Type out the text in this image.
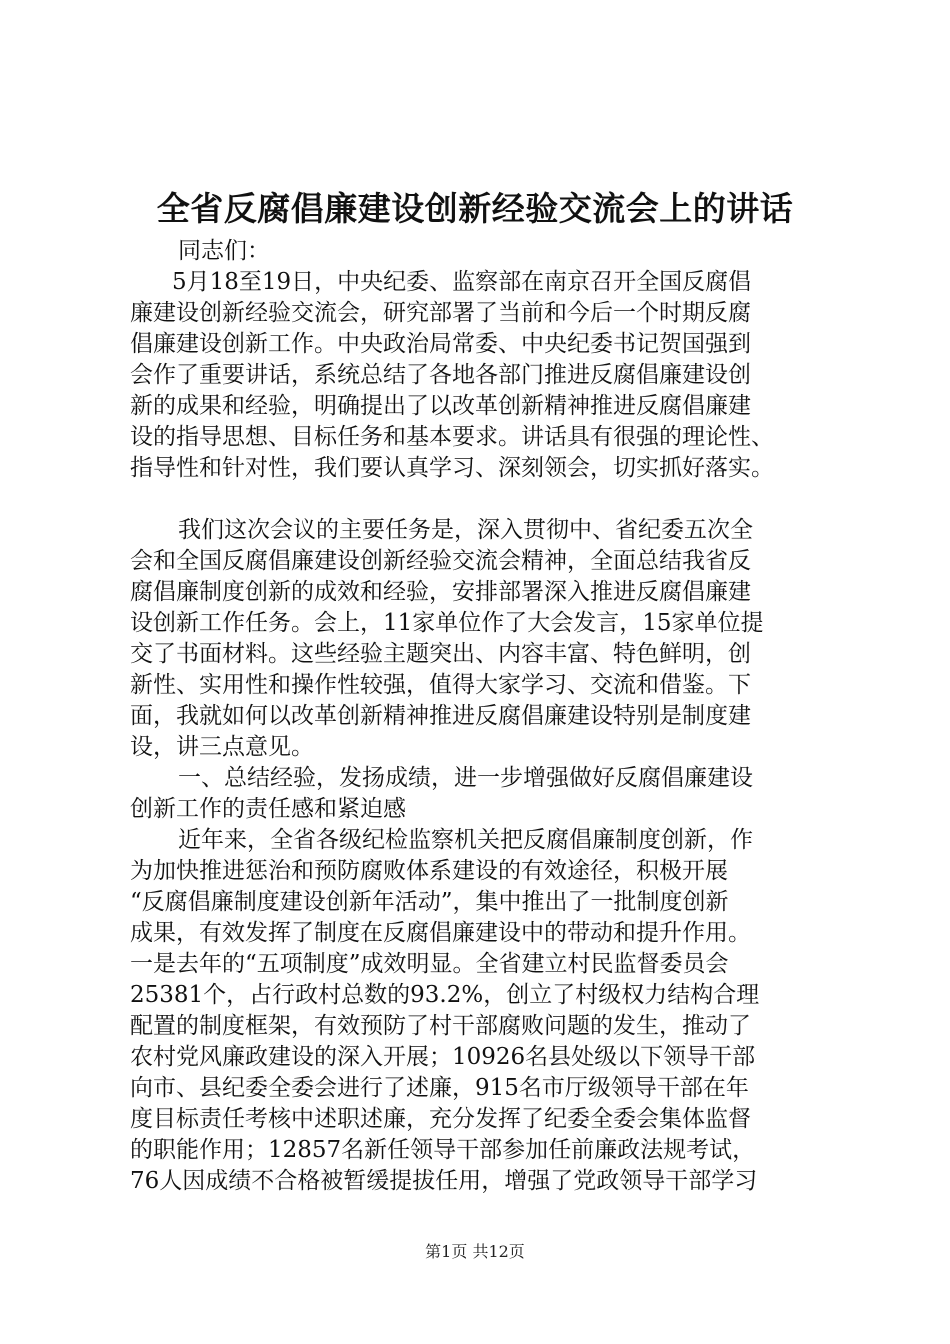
全省反腐倡廉建设创新经验交流会上的讲话
同志们：
5月18至19日，中央纪委、监察部在南京召开全国反腐倡
廉建设创新经验交流会，研究部署了当前和今后一个时期反腐
倡廉建设创新工作。中央政治局常委、中央纪委书记贺国强到
会作了重要讲话，系统总结了各地各部门推进反腐倡廉建设创
新的成果和经验，明确提出了以改革创新精神推进反腐倡廉建
设的指导思想、目标任务和基本要求。讲话具有很强的理论性、
指导性和针对性，我们要认真学习、深刻领会，切实抓好落实。
我们这次会议的主要任务是，深入贯彻中、省纪委五次全
会和全国反腐倡廉建设创新经验交流会精神，全面总结我省反
腐倡廉制度创新的成效和经验，安排部署深入推进反腐倡廉建
设创新工作任务。会上，11家单位作了大会发言，15家单位提
交了书面材料。这些经验主题突出、内容丰富、特色鲜明，创
新性、实用性和操作性较强，值得大家学习、交流和借鉴。下
面，我就如何以改革创新精神推进反腐倡廉建设特别是制度建
设，讲三点意见。
一、总结经验，发扬成绩，进一步增强做好反腐倡廉建设
创新工作的责任感和紧迫感
近年来，全省各级纪检监察机关把反腐倡廉制度创新，作
为加快推进惩治和预防腐败体系建设的有效途径，积极开展
“反腐倡廉制度建设创新年活动”，集中推出了一批制度创新
成果，有效发挥了制度在反腐倡廉建设中的带动和提升作用。
一是去年的“五项制度”成效明显。全省建立村民监督委员会
25381个，占行政村总数的93.2%，创立了村级权力结构合理
配置的制度框架，有效预防了村干部腐败问题的发生，推动了
农村党风廉政建设的深入开展；10926名县处级以下领导干部
向市、县纪委全委会进行了述廉，915名市厅级领导干部在年
度目标责任考核中述职述廉，充分发挥了纪委全委会集体监督
的职能作用；12857名新任领导干部参加任前廉政法规考试，
76人因成绩不合格被暂缓提拔任用，增强了党政领导干部学习
第1页 共12页
